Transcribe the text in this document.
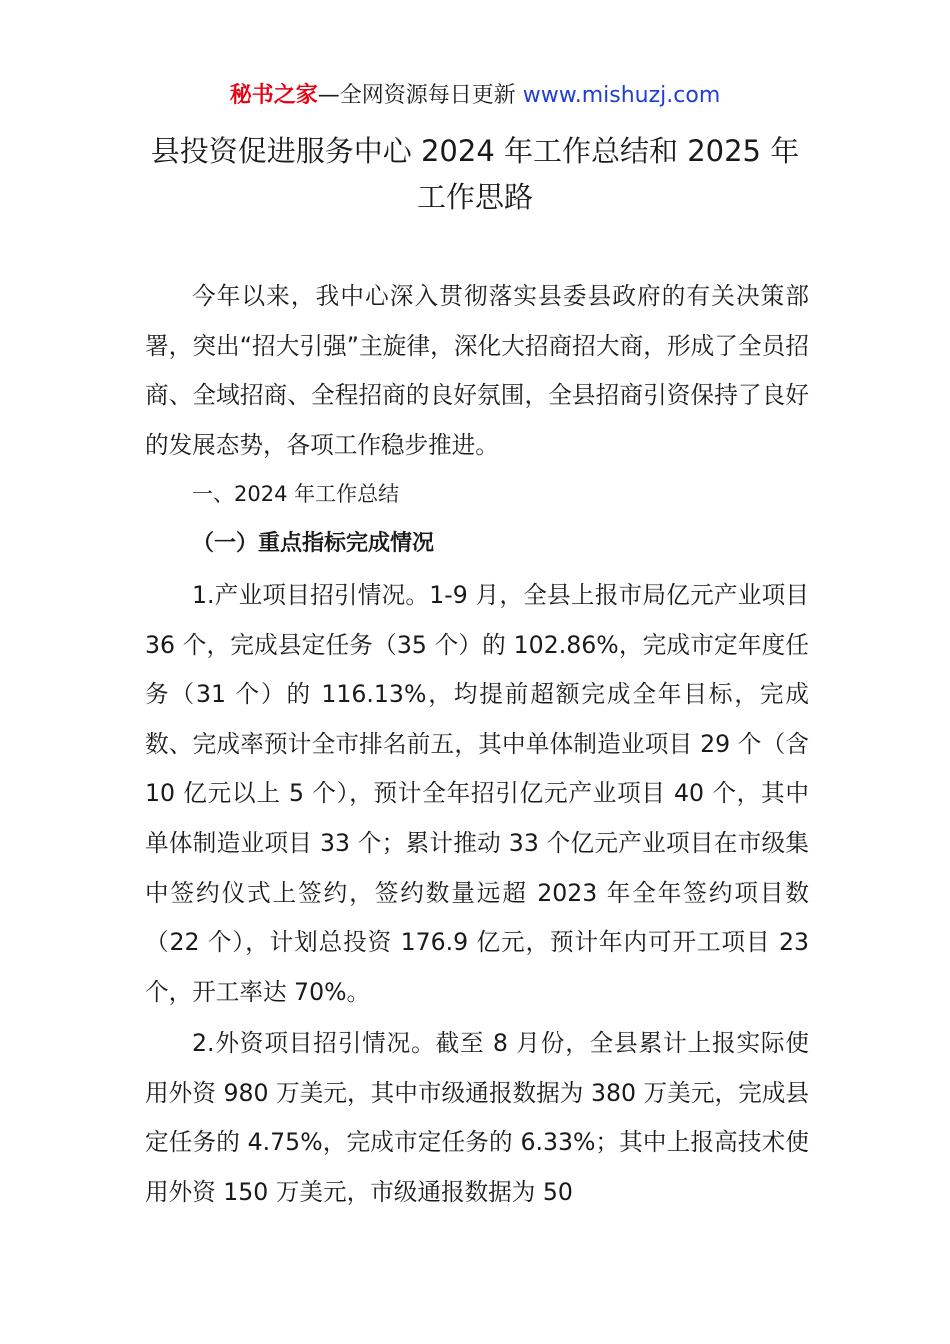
秘书之家—全网资源每日更新 www.mishuzj.com
县投资促进服务中心 2024 年工作总结和 2025 年工作思路
今年以来，我中心深入贯彻落实县委县政府的有关决策部署，突出“招大引强”主旋律，深化大招商招大商，形成了全员招商、全域招商、全程招商的良好氛围，全县招商引资保持了良好的发展态势，各项工作稳步推进。
一、2024 年工作总结
（一）重点指标完成情况
1.产业项目招引情况。1-9 月，全县上报市局亿元产业项目 36 个，完成县定任务（35 个）的 102.86%，完成市定年度任务（31 个）的 116.13%，均提前超额完成全年目标，完成数、完成率预计全市排名前五，其中单体制造业项目 29 个（含 10 亿元以上 5 个），预计全年招引亿元产业项目 40 个，其中单体制造业项目 33 个；累计推动 33 个亿元产业项目在市级集中签约仪式上签约，签约数量远超 2023 年全年签约项目数（22 个），计划总投资 176.9 亿元，预计年内可开工项目 23 个，开工率达 70%。
2.外资项目招引情况。截至 8 月份，全县累计上报实际使用外资 980 万美元，其中市级通报数据为 380 万美元，完成县定任务的 4.75%，完成市定任务的 6.33%；其中上报高技术使用外资 150 万美元，市级通报数据为 50
